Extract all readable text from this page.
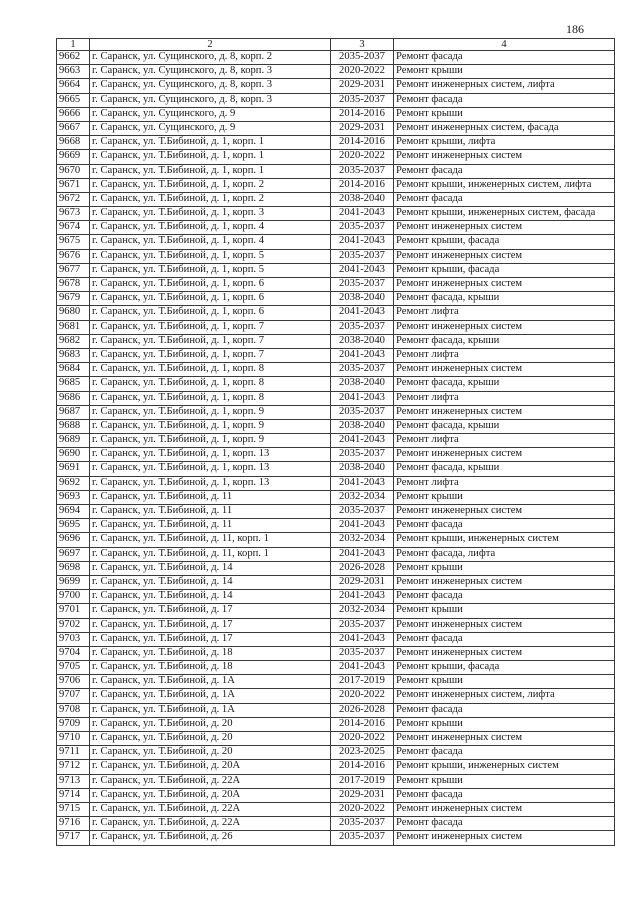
186
1	2	3	4
9662	г. Саранск, ул. Сущинского, д. 8, корп. 2	2035-2037	Ремонт фасада
9663	г. Саранск, ул. Сущинского, д. 8, корп. 3	2020-2022	Ремонт крыши
9664	г. Саранск, ул. Сущинского, д. 8, корп. 3	2029-2031	Ремонт инженерных систем, лифта
9665	г. Саранск, ул. Сущинского, д. 8, корп. 3	2035-2037	Ремонт фасада
9666	г. Саранск, ул. Сущинского, д. 9	2014-2016	Ремонт крыши
9667	г. Саранск, ул. Сущинского, д. 9	2029-2031	Ремонт инженерных систем, фасада
9668	г. Саранск, ул. Т.Бибиной, д. 1, корп. 1	2014-2016	Ремонт крыши, лифта
9669	г. Саранск, ул. Т.Бибиной, д. 1, корп. 1	2020-2022	Ремонт инженерных систем
9670	г. Саранск, ул. Т.Бибиной, д. 1, корп. 1	2035-2037	Ремонт фасада
9671	г. Саранск, ул. Т.Бибиной, д. 1, корп. 2	2014-2016	Ремонт крыши, инженерных систем, лифта
9672	г. Саранск, ул. Т.Бибиной, д. 1, корп. 2	2038-2040	Ремонт фасада
9673	г. Саранск, ул. Т.Бибиной, д. 1, корп. 3	2041-2043	Ремонт крыши, инженерных систем, фасада
9674	г. Саранск, ул. Т.Бибиной, д. 1, корп. 4	2035-2037	Ремонт инженерных систем
9675	г. Саранск, ул. Т.Бибиной, д. 1, корп. 4	2041-2043	Ремонт крыши, фасада
9676	г. Саранск, ул. Т.Бибиной, д. 1, корп. 5	2035-2037	Ремонт инженерных систем
9677	г. Саранск, ул. Т.Бибиной, д. 1, корп. 5	2041-2043	Ремонт крыши, фасада
9678	г. Саранск, ул. Т.Бибиной, д. 1, корп. 6	2035-2037	Ремонт инженерных систем
9679	г. Саранск, ул. Т.Бибиной, д. 1, корп. 6	2038-2040	Ремонт фасада, крыши
9680	г. Саранск, ул. Т.Бибиной, д. 1, корп. 6	2041-2043	Ремонт лифта
9681	г. Саранск, ул. Т.Бибиной, д. 1, корп. 7	2035-2037	Ремонт инженерных систем
9682	г. Саранск, ул. Т.Бибиной, д. 1, корп. 7	2038-2040	Ремонт фасада, крыши
9683	г. Саранск, ул. Т.Бибиной, д. 1, корп. 7	2041-2043	Ремонт лифта
9684	г. Саранск, ул. Т.Бибиной, д. 1, корп. 8	2035-2037	Ремонт инженерных систем
9685	г. Саранск, ул. Т.Бибиной, д. 1, корп. 8	2038-2040	Ремонт фасада, крыши
9686	г. Саранск, ул. Т.Бибиной, д. 1, корп. 8	2041-2043	Ремонт лифта
9687	г. Саранск, ул. Т.Бибиной, д. 1, корп. 9	2035-2037	Ремонт инженерных систем
9688	г. Саранск, ул. Т.Бибиной, д. 1, корп. 9	2038-2040	Ремонт фасада, крыши
9689	г. Саранск, ул. Т.Бибиной, д. 1, корп. 9	2041-2043	Ремонт лифта
9690	г. Саранск, ул. Т.Бибиной, д. 1, корп. 13	2035-2037	Ремонт инженерных систем
9691	г. Саранск, ул. Т.Бибиной, д. 1, корп. 13	2038-2040	Ремонт фасада, крыши
9692	г. Саранск, ул. Т.Бибиной, д. 1, корп. 13	2041-2043	Ремонт лифта
9693	г. Саранск, ул. Т.Бибиной, д. 11	2032-2034	Ремонт крыши
9694	г. Саранск, ул. Т.Бибиной, д. 11	2035-2037	Ремонт инженерных систем
9695	г. Саранск, ул. Т.Бибиной, д. 11	2041-2043	Ремонт фасада
9696	г. Саранск, ул. Т.Бибиной, д. 11, корп. 1	2032-2034	Ремонт крыши, инженерных систем
9697	г. Саранск, ул. Т.Бибиной, д. 11, корп. 1	2041-2043	Ремонт фасада, лифта
9698	г. Саранск, ул. Т.Бибиной, д. 14	2026-2028	Ремонт крыши
9699	г. Саранск, ул. Т.Бибиной, д. 14	2029-2031	Ремонт инженерных систем
9700	г. Саранск, ул. Т.Бибиной, д. 14	2041-2043	Ремонт фасада
9701	г. Саранск, ул. Т.Бибиной, д. 17	2032-2034	Ремонт крыши
9702	г. Саранск, ул. Т.Бибиной, д. 17	2035-2037	Ремонт инженерных систем
9703	г. Саранск, ул. Т.Бибиной, д. 17	2041-2043	Ремонт фасада
9704	г. Саранск, ул. Т.Бибиной, д. 18	2035-2037	Ремонт инженерных систем
9705	г. Саранск, ул. Т.Бибиной, д. 18	2041-2043	Ремонт крыши, фасада
9706	г. Саранск, ул. Т.Бибиной, д. 1А	2017-2019	Ремонт крыши
9707	г. Саранск, ул. Т.Бибиной, д. 1А	2020-2022	Ремонт инженерных систем, лифта
9708	г. Саранск, ул. Т.Бибиной, д. 1А	2026-2028	Ремонт фасада
9709	г. Саранск, ул. Т.Бибиной, д. 20	2014-2016	Ремонт крыши
9710	г. Саранск, ул. Т.Бибиной, д. 20	2020-2022	Ремонт инженерных систем
9711	г. Саранск, ул. Т.Бибиной, д. 20	2023-2025	Ремонт фасада
9712	г. Саранск, ул. Т.Бибиной, д. 20А	2014-2016	Ремонт крыши, инженерных систем
9713	г. Саранск, ул. Т.Бибиной, д. 22А	2017-2019	Ремонт крыши
9714	г. Саранск, ул. Т.Бибиной, д. 20А	2029-2031	Ремонт фасада
9715	г. Саранск, ул. Т.Бибиной, д. 22А	2020-2022	Ремонт инженерных систем
9716	г. Саранск, ул. Т.Бибиной, д. 22А	2035-2037	Ремонт фасада
9717	г. Саранск, ул. Т.Бибиной, д. 26	2035-2037	Ремонт инженерных систем
